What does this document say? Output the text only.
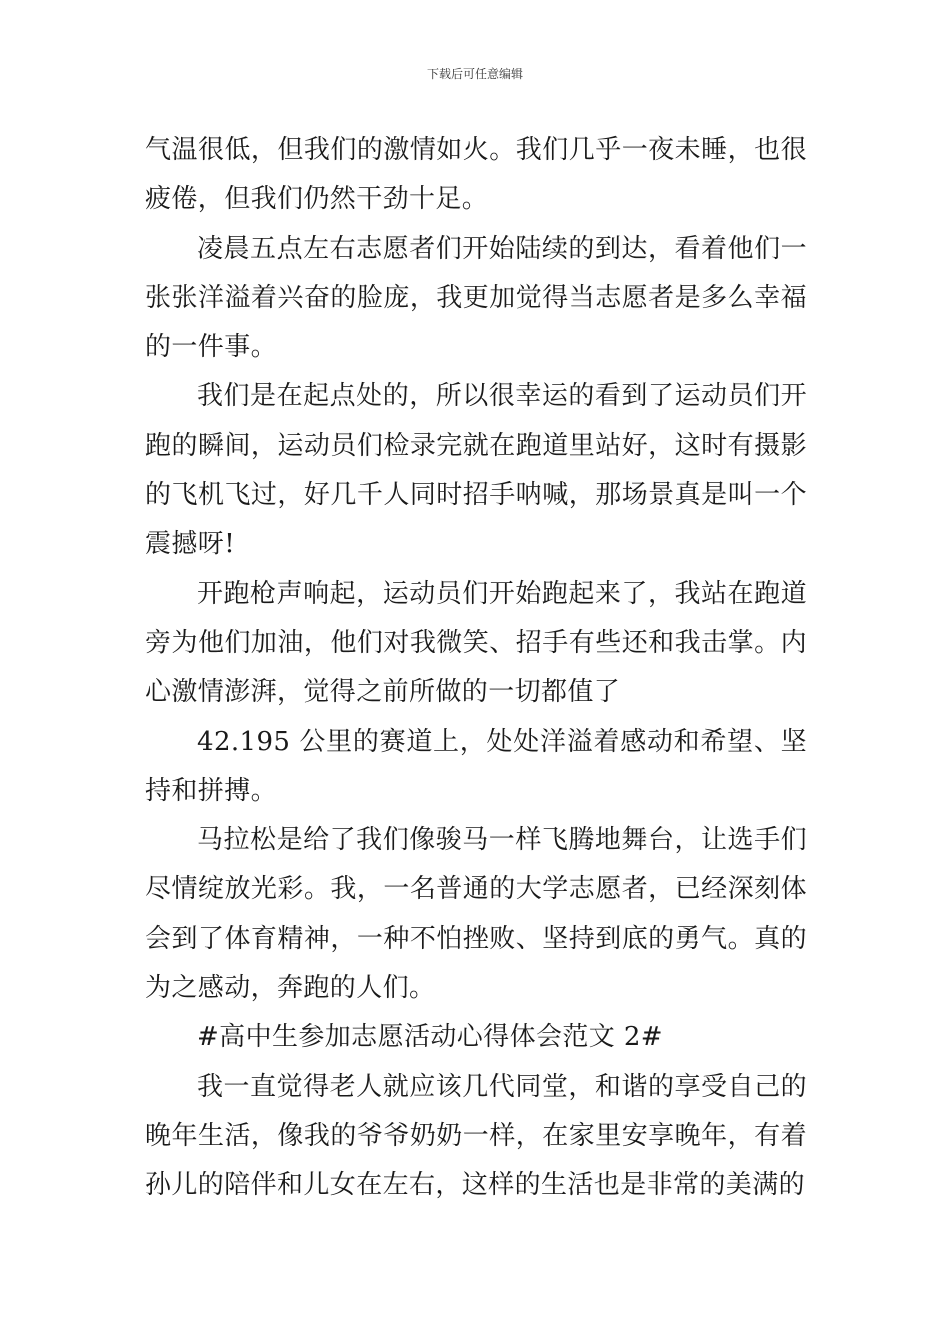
下载后可任意编辑

气温很低，但我们的激情如火。我们几乎一夜未睡，也很疲倦，但我们仍然干劲十足。

凌晨五点左右志愿者们开始陆续的到达，看着他们一张张洋溢着兴奋的脸庞，我更加觉得当志愿者是多么幸福的一件事。

我们是在起点处的，所以很幸运的看到了运动员们开跑的瞬间，运动员们检录完就在跑道里站好，这时有摄影的飞机飞过，好几千人同时招手呐喊，那场景真是叫一个震撼呀!

开跑枪声响起，运动员们开始跑起来了，我站在跑道旁为他们加油，他们对我微笑、招手有些还和我击掌。内心激情澎湃，觉得之前所做的一切都值了

42.195 公里的赛道上，处处洋溢着感动和希望、坚持和拼搏。

马拉松是给了我们像骏马一样飞腾地舞台，让选手们尽情绽放光彩。我，一名普通的大学志愿者，已经深刻体会到了体育精神，一种不怕挫败、坚持到底的勇气。真的为之感动，奔跑的人们。

#高中生参加志愿活动心得体会范文 2#

我一直觉得老人就应该几代同堂，和谐的享受自己的晚年生活，像我的爷爷奶奶一样，在家里安享晚年，有着孙儿的陪伴和儿女在左右，这样的生活也是非常的美满的
